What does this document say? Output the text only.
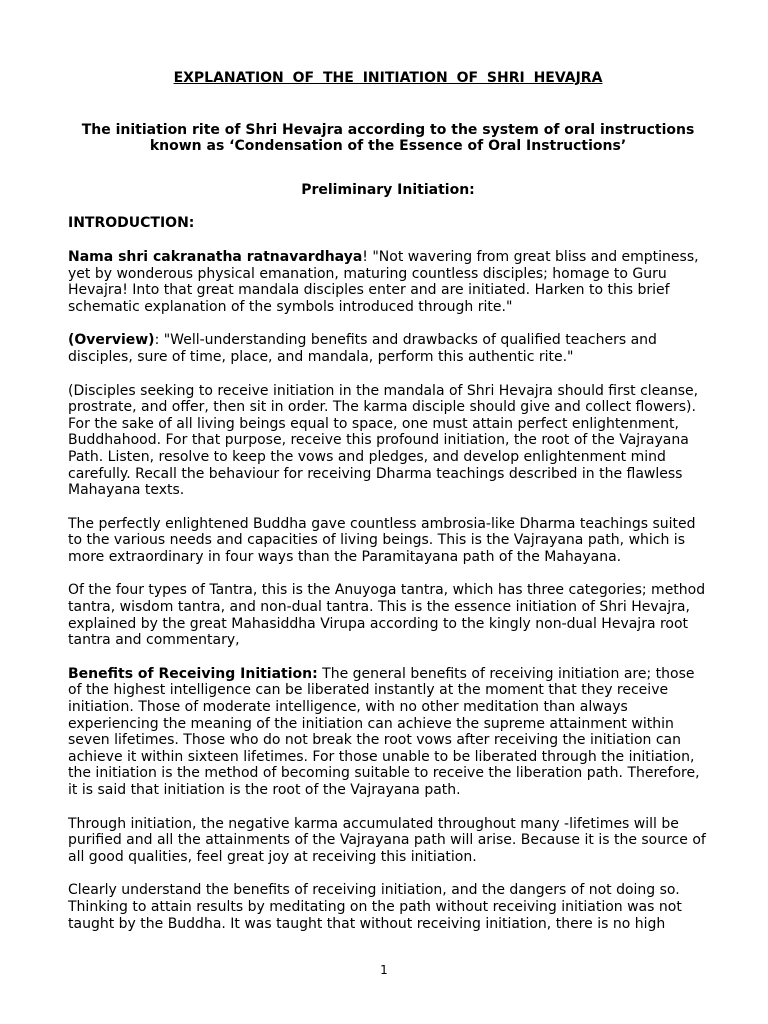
EXPLANATION OF THE INITIATION OF SHRI HEVAJRA
The initiation rite of Shri Hevajra according to the system of oral instructions known as ‘Condensation of the Essence of Oral Instructions’
Preliminary Initiation:
INTRODUCTION:

Nama shri cakranatha ratnavardhaya! "Not wavering from great bliss and emptiness, yet by wonderous physical emanation, maturing countless disciples; homage to Guru Hevajra! Into that great mandala disciples enter and are initiated. Harken to this brief schematic explanation of the symbols introduced through rite."

(Overview): "Well-understanding benefits and drawbacks of qualified teachers and disciples, sure of time, place, and mandala, perform this authentic rite."

(Disciples seeking to receive initiation in the mandala of Shri Hevajra should first cleanse, prostrate, and offer, then sit in order. The karma disciple should give and collect flowers). For the sake of all living beings equal to space, one must attain perfect enlightenment, Buddhahood. For that purpose, receive this profound initiation, the root of the Vajrayana Path. Listen, resolve to keep the vows and pledges, and develop enlightenment mind carefully. Recall the behaviour for receiving Dharma teachings described in the flawless Mahayana texts.

The perfectly enlightened Buddha gave countless ambrosia-like Dharma teachings suited to the various needs and capacities of living beings. This is the Vajrayana path, which is more extraordinary in four ways than the Paramitayana path of the Mahayana.

Of the four types of Tantra, this is the Anuyoga tantra, which has three categories; method tantra, wisdom tantra, and non-dual tantra. This is the essence initiation of Shri Hevajra, explained by the great Mahasiddha Virupa according to the kingly non-dual Hevajra root tantra and commentary,

Benefits of Receiving Initiation: The general benefits of receiving initiation are; those of the highest intelligence can be liberated instantly at the moment that they receive initiation. Those of moderate intelligence, with no other meditation than always experiencing the meaning of the initiation can achieve the supreme attainment within seven lifetimes. Those who do not break the root vows after receiving the initiation can achieve it within sixteen lifetimes. For those unable to be liberated through the initiation, the initiation is the method of becoming suitable to receive the liberation path. Therefore, it is said that initiation is the root of the Vajrayana path.

Through initiation, the negative karma accumulated throughout many -lifetimes will be purified and all the attainments of the Vajrayana path will arise. Because it is the source of all good qualities, feel great joy at receiving this initiation.

Clearly understand the benefits of receiving initiation, and the dangers of not doing so. Thinking to attain results by meditating on the path without receiving initiation was not taught by the Buddha. It was taught that without receiving initiation, there is no high

1
